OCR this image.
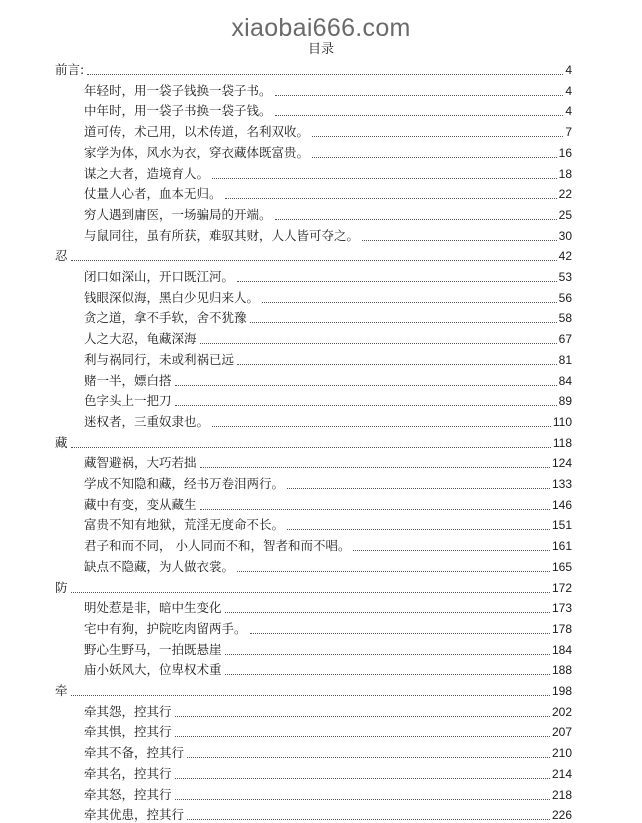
xiaobai666.com
目录
前言:	4
年轻时，用一袋子钱换一袋子书。	4
中年时，用一袋子书换一袋子钱。	4
道可传，术己用，以术传道，名利双收。	7
家学为体，风水为衣，穿衣藏体既富贵。	16
谋之大者，造境育人。	18
仗量人心者，血本无归。	22
穷人遇到庸医，一场骗局的开端。	25
与鼠同往，虽有所获，难驭其财，人人皆可夺之。	30
忍	42
闭口如深山，开口既江河。	53
钱眼深似海，黑白少见归来人。	56
贪之道，拿不手软，舍不犹豫	58
人之大忍，龟藏深海	67
利与祸同行，未或利祸已远	81
赌一半，嫖白搭	84
色字头上一把刀	89
迷权者，三重奴隶也。	110
藏	118
藏智避祸，大巧若拙	124
学成不知隐和藏，经书万卷泪两行。	133
藏中有变，变从藏生	146
富贵不知有地狱，荒淫无度命不长。	151
君子和而不同， 小人同而不和，智者和而不唱。	161
缺点不隐藏，为人做衣裳。	165
防	172
明处惹是非，暗中生变化	173
宅中有狗，护院吃肉留两手。	178
野心生野马，一拍既悬崖	184
庙小妖风大，位卑权术重	188
牵	198
牵其怨，控其行	202
牵其惧，控其行	207
牵其不备，控其行	210
牵其名，控其行	214
牵其怒，控其行	218
牵其优患，控其行	226
